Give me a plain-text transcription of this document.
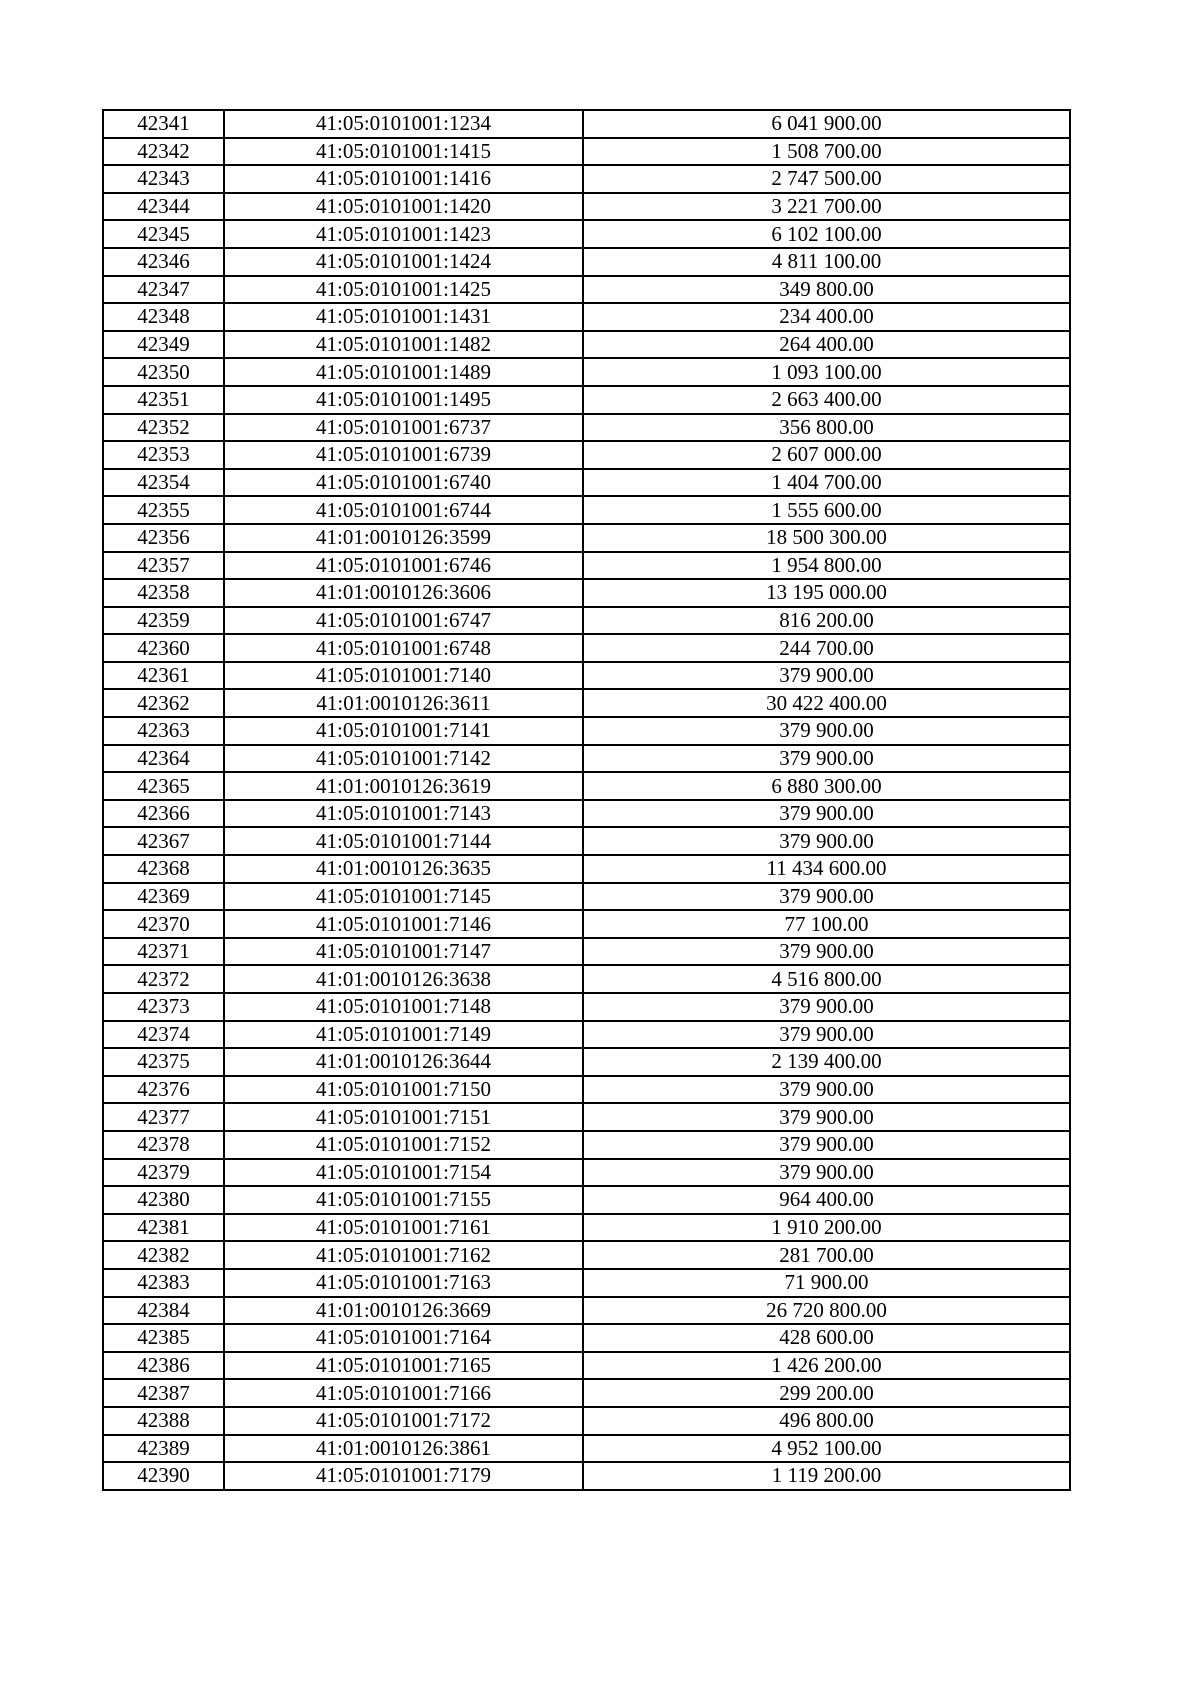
42341	41:05:0101001:1234	6 041 900.00
42342	41:05:0101001:1415	1 508 700.00
42343	41:05:0101001:1416	2 747 500.00
42344	41:05:0101001:1420	3 221 700.00
42345	41:05:0101001:1423	6 102 100.00
42346	41:05:0101001:1424	4 811 100.00
42347	41:05:0101001:1425	349 800.00
42348	41:05:0101001:1431	234 400.00
42349	41:05:0101001:1482	264 400.00
42350	41:05:0101001:1489	1 093 100.00
42351	41:05:0101001:1495	2 663 400.00
42352	41:05:0101001:6737	356 800.00
42353	41:05:0101001:6739	2 607 000.00
42354	41:05:0101001:6740	1 404 700.00
42355	41:05:0101001:6744	1 555 600.00
42356	41:01:0010126:3599	18 500 300.00
42357	41:05:0101001:6746	1 954 800.00
42358	41:01:0010126:3606	13 195 000.00
42359	41:05:0101001:6747	816 200.00
42360	41:05:0101001:6748	244 700.00
42361	41:05:0101001:7140	379 900.00
42362	41:01:0010126:3611	30 422 400.00
42363	41:05:0101001:7141	379 900.00
42364	41:05:0101001:7142	379 900.00
42365	41:01:0010126:3619	6 880 300.00
42366	41:05:0101001:7143	379 900.00
42367	41:05:0101001:7144	379 900.00
42368	41:01:0010126:3635	11 434 600.00
42369	41:05:0101001:7145	379 900.00
42370	41:05:0101001:7146	77 100.00
42371	41:05:0101001:7147	379 900.00
42372	41:01:0010126:3638	4 516 800.00
42373	41:05:0101001:7148	379 900.00
42374	41:05:0101001:7149	379 900.00
42375	41:01:0010126:3644	2 139 400.00
42376	41:05:0101001:7150	379 900.00
42377	41:05:0101001:7151	379 900.00
42378	41:05:0101001:7152	379 900.00
42379	41:05:0101001:7154	379 900.00
42380	41:05:0101001:7155	964 400.00
42381	41:05:0101001:7161	1 910 200.00
42382	41:05:0101001:7162	281 700.00
42383	41:05:0101001:7163	71 900.00
42384	41:01:0010126:3669	26 720 800.00
42385	41:05:0101001:7164	428 600.00
42386	41:05:0101001:7165	1 426 200.00
42387	41:05:0101001:7166	299 200.00
42388	41:05:0101001:7172	496 800.00
42389	41:01:0010126:3861	4 952 100.00
42390	41:05:0101001:7179	1 119 200.00
